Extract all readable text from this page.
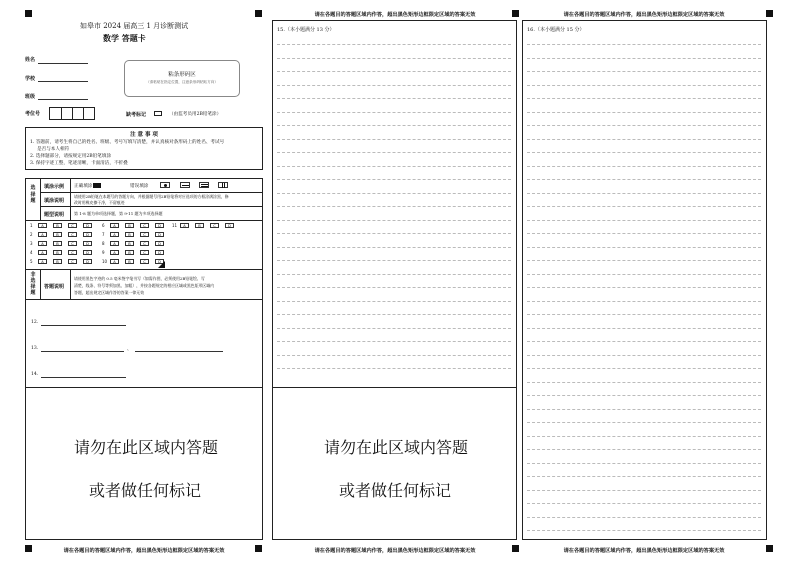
请在各题目的答题区域内作答，超出黑色矩形边框限定区域的答案无效	请在各题目的答题区域内作答，超出黑色矩形边框限定区域的答案无效
请在各题目的答题区域内作答，超出黑色矩形边框限定区域的答案无效	请在各题目的答题区域内作答，超出黑色矩形边框限定区域的答案无效	请在各题目的答题区域内作答，超出黑色矩形边框限定区域的答案无效
如皋市 2024 届高三 1 月诊断测试
数学 答题卡
姓名
学校
班级
考位号
粘条形码区
（请粘贴在指定位置，注意条形码粘贴方向）
缺考标记	（由监考员用2B铅笔涂）
注 意 事 项
1. 答题前，请考生将自己的姓名、班级、考号写填写清楚，并认真核对条形码上的姓名、考试号
是否与本人相符
2. 选择题部分，请按规定用2B铅笔填涂
3. 保持字迹工整，笔迹清晰，卡面清洁，不折叠
选择题
填涂示例 正确填涂	错误填涂
填涂说明
请使用2B铅笔在本题号的答题方向，并根据题号用2B铅笔将对应选项的方框涂满涂黑，修
改时用橡皮擦干净，不留痕迹
题型说明 第 1-8 题为单项选择题，第 9-11 题为多项选择题
1	A	B	C	D
2	A	B	C	D
3	A	B	C	D
4	A	B	C	D
5	A	B	C	D
6	A	B	C	D
7	A	B	C	D
8	A	B	C	D
9	A	B	C	D
10	A	B	C	D
11	A	B	C	D
非选择题
答题说明
请使用黑色字迹的 0.5 毫米签字笔书写（如需作图，必须使用2B铅笔绘、写
清楚，线条、符号等须加黑、加粗），并按各题规定的相应区域或黑色矩形区域内
答题，超出规定区域作答的答案一律无效
12.
13.	、
14.
请勿在此区域内答题
或者做任何标记
15.（本小题满分 13 分）
请勿在此区域内答题
或者做任何标记
16.（本小题满分 15 分）
